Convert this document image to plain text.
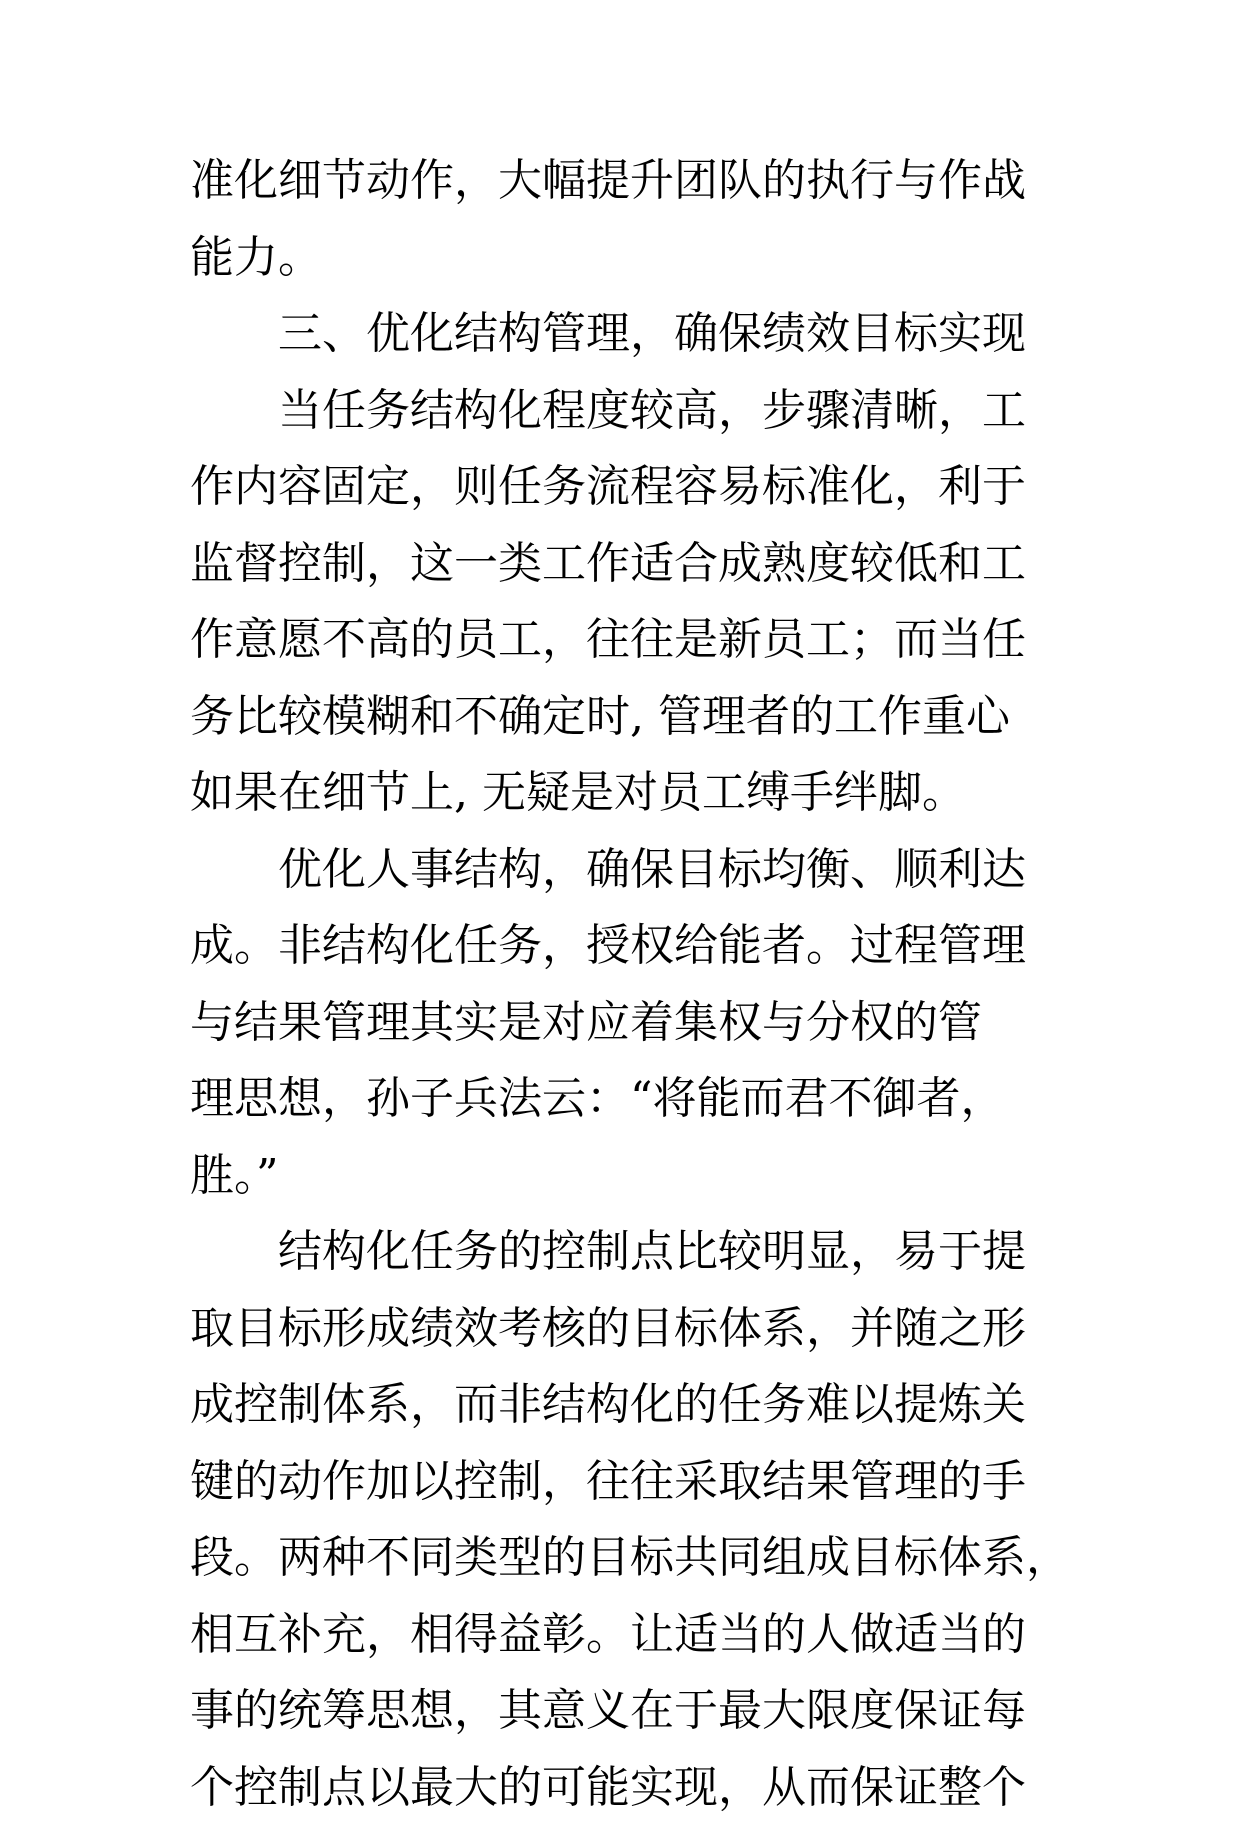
准化细节动作，大幅提升团队的执行与作战
能力。
三、优化结构管理，确保绩效目标实现
当任务结构化程度较高，步骤清晰，工
作内容固定，则任务流程容易标准化，利于
监督控制，这一类工作适合成熟度较低和工
作意愿不高的员工，往往是新员工；而当任
务比较模糊和不确定时, 管理者的工作重心
如果在细节上, 无疑是对员工缚手绊脚。
优化人事结构，确保目标均衡、顺利达
成。非结构化任务，授权给能者。过程管理
与结果管理其实是对应着集权与分权的管
理思想，孙子兵法云：“将能而君不御者，
胜。”
结构化任务的控制点比较明显，易于提
取目标形成绩效考核的目标体系，并随之形
成控制体系，而非结构化的任务难以提炼关
键的动作加以控制，往往采取结果管理的手
段。两种不同类型的目标共同组成目标体系，
相互补充，相得益彰。让适当的人做适当的
事的统筹思想，其意义在于最大限度保证每
个控制点以最大的可能实现，从而保证整个
